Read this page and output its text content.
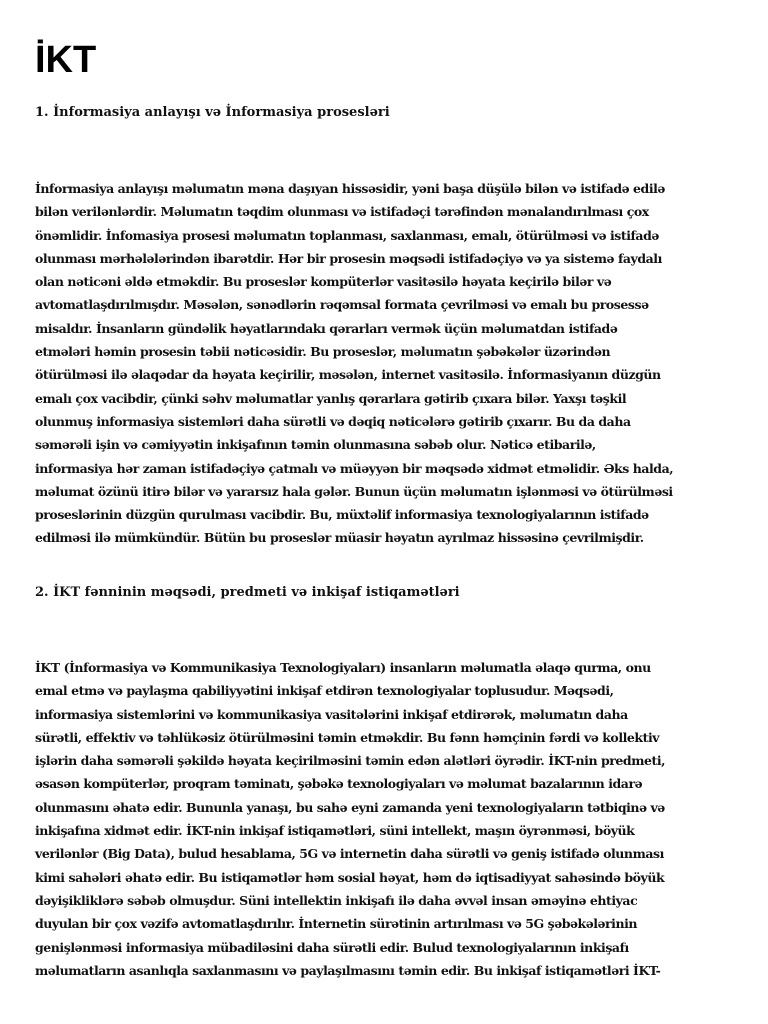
İKT
1. İnformasiya anlayışı və İnformasiya prosesləri
İnformasiya anlayışı məlumatın məna daşıyan hissəsidir, yəni başa düşülə bilən və istifadə edilə
bilən verilənlərdir. Məlumatın təqdim olunması və istifadəçi tərəfindən mənalandırılması çox
önəmlidir. İnfomasiya prosesi məlumatın toplanması, saxlanması, emalı, ötürülməsi və istifadə
olunması mərhələlərindən ibarətdir. Hər bir prosesin məqsədi istifadəçiyə və ya sistemə faydalı
olan nəticəni əldə etməkdir. Bu proseslər kompüterlər vasitəsilə həyata keçirilə bilər və
avtomatlaşdırılmışdır. Məsələn, sənədlərin rəqəmsal formata çevrilməsi və emalı bu prosessə
misaldır. İnsanların gündəlik həyatlarındakı qərarları vermək üçün məlumatdan istifadə
etmələri həmin prosesin təbii nəticəsidir. Bu proseslər, məlumatın şəbəkələr üzərindən
ötürülməsi ilə əlaqədar da həyata keçirilir, məsələn, internet vasitəsilə. İnformasiyanın düzgün
emalı çox vacibdir, çünki səhv məlumatlar yanlış qərarlara gətirib çıxara bilər. Yaxşı təşkil
olunmuş informasiya sistemləri daha sürətli və dəqiq nəticələrə gətirib çıxarır. Bu da daha
səmərəli işin və cəmiyyətin inkişafının təmin olunmasına səbəb olur. Nəticə etibarilə,
informasiya hər zaman istifadəçiyə çatmalı və müəyyən bir məqsədə xidmət etməlidir. Əks halda,
məlumat özünü itirə bilər və yararsız hala gələr. Bunun üçün məlumatın işlənməsi və ötürülməsi
proseslərinin düzgün qurulması vacibdir. Bu, müxtəlif informasiya texnologiyalarının istifadə
edilməsi ilə mümkündür. Bütün bu proseslər müasir həyatın ayrılmaz hissəsinə çevrilmişdir.
2. İKT fənninin məqsədi, predmeti və inkişaf istiqamətləri
İKT (İnformasiya və Kommunikasiya Texnologiyaları) insanların məlumatla əlaqə qurma, onu
emal etmə və paylaşma qabiliyyətini inkişaf etdirən texnologiyalar toplusudur. Məqsədi,
informasiya sistemlərini və kommunikasiya vasitələrini inkişaf etdirərək, məlumatın daha
sürətli, effektiv və təhlükəsiz ötürülməsini təmin etməkdir. Bu fənn həmçinin fərdi və kollektiv
işlərin daha səmərəli şəkildə həyata keçirilməsini təmin edən alətləri öyrədir. İKT-nin predmeti,
əsasən kompüterlər, proqram təminatı, şəbəkə texnologiyaları və məlumat bazalarının idarə
olunmasını əhatə edir. Bununla yanaşı, bu sahə eyni zamanda yeni texnologiyaların tətbiqinə və
inkişafına xidmət edir. İKT-nin inkişaf istiqamətləri, süni intellekt, maşın öyrənməsi, böyük
verilənlər (Big Data), bulud hesablama, 5G və internetin daha sürətli və geniş istifadə olunması
kimi sahələri əhatə edir. Bu istiqamətlər həm sosial həyat, həm də iqtisadiyyat sahəsində böyük
dəyişikliklərə səbəb olmuşdur. Süni intellektin inkişafı ilə daha əvvəl insan əməyinə ehtiyac
duyulan bir çox vəzifə avtomatlaşdırılır. İnternetin sürətinin artırılması və 5G şəbəkələrinin
genişlənməsi informasiya mübadiləsini daha sürətli edir. Bulud texnologiyalarının inkişafı
məlumatların asanlıqla saxlanmasını və paylaşılmasını təmin edir. Bu inkişaf istiqamətləri İKT-
